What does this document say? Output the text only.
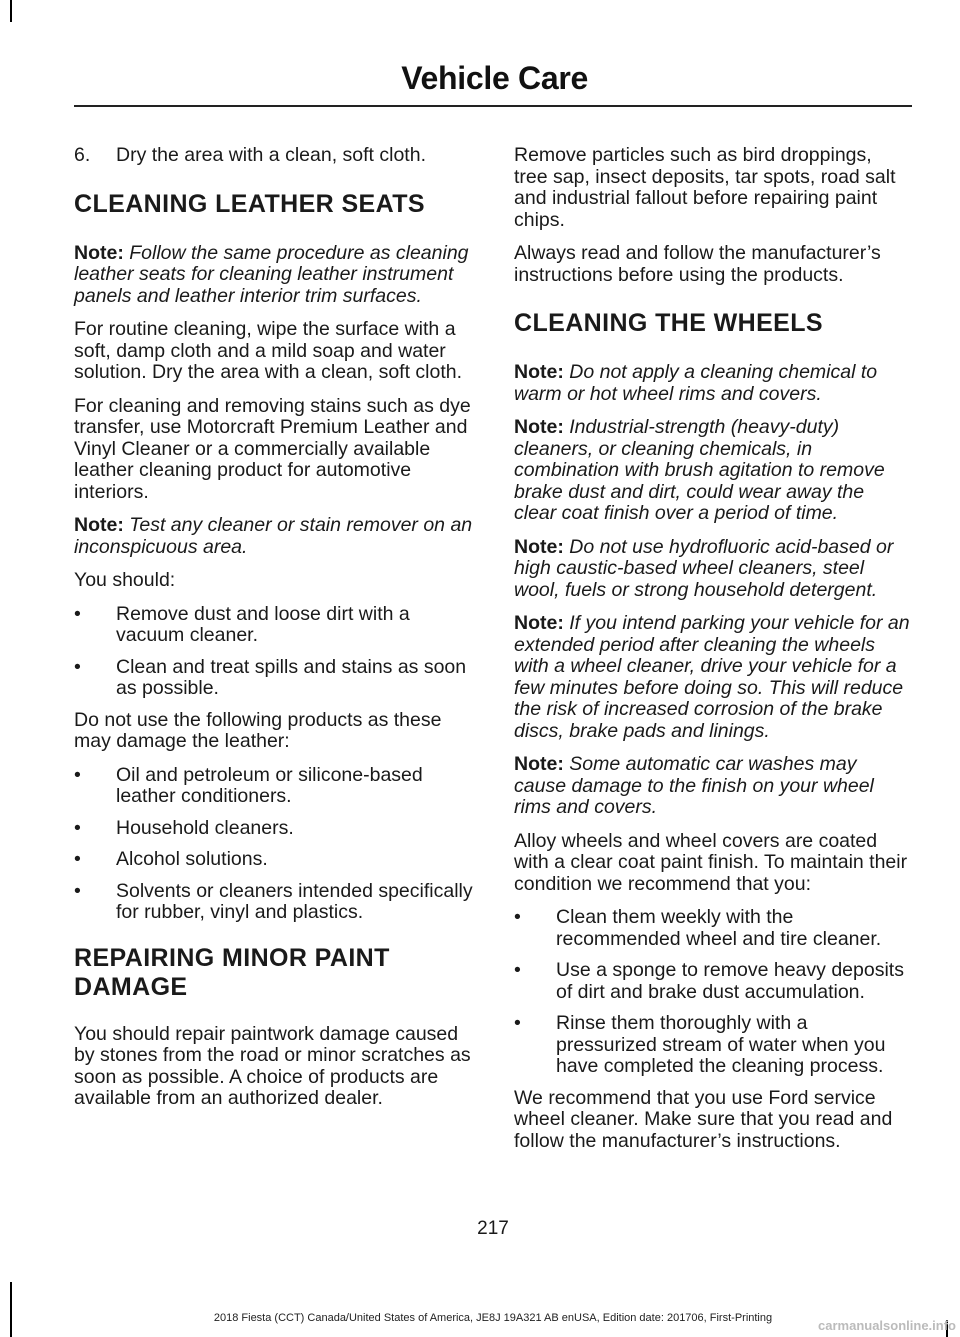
Vehicle Care
6. Dry the area with a clean, soft cloth.
CLEANING LEATHER SEATS

Note: Follow the same procedure as cleaning leather seats for cleaning leather instrument panels and leather interior trim surfaces.

For routine cleaning, wipe the surface with a soft, damp cloth and a mild soap and water solution. Dry the area with a clean, soft cloth.

For cleaning and removing stains such as dye transfer, use Motorcraft Premium Leather and Vinyl Cleaner or a commercially available leather cleaning product for automotive interiors.

Note: Test any cleaner or stain remover on an inconspicuous area.

You should:

• Remove dust and loose dirt with a vacuum cleaner.
• Clean and treat spills and stains as soon as possible.

Do not use the following products as these may damage the leather:

• Oil and petroleum or silicone-based leather conditioners.
• Household cleaners.
• Alcohol solutions.
• Solvents or cleaners intended specifically for rubber, vinyl and plastics.
REPAIRING MINOR PAINT
DAMAGE

You should repair paintwork damage caused by stones from the road or minor scratches as soon as possible. A choice of products are available from an authorized dealer.

Remove particles such as bird droppings, tree sap, insect deposits, tar spots, road salt and industrial fallout before repairing paint chips.

Always read and follow the manufacturer’s instructions before using the products.

CLEANING THE WHEELS

Note: Do not apply a cleaning chemical to warm or hot wheel rims and covers.

Note: Industrial-strength (heavy-duty) cleaners, or cleaning chemicals, in combination with brush agitation to remove brake dust and dirt, could wear away the clear coat finish over a period of time.

Note: Do not use hydrofluoric acid-based or high caustic-based wheel cleaners, steel wool, fuels or strong household detergent.

Note: If you intend parking your vehicle for an extended period after cleaning the wheels with a wheel cleaner, drive your vehicle for a few minutes before doing so. This will reduce the risk of increased corrosion of the brake discs, brake pads and linings.

Note: Some automatic car washes may cause damage to the finish on your wheel rims and covers.

Alloy wheels and wheel covers are coated with a clear coat paint finish. To maintain their condition we recommend that you:

• Clean them weekly with the recommended wheel and tire cleaner.
• Use a sponge to remove heavy deposits of dirt and brake dust accumulation.
• Rinse them thoroughly with a pressurized stream of water when you have completed the cleaning process.

We recommend that you use Ford service wheel cleaner. Make sure that you read and follow the manufacturer’s instructions.

217
2018 Fiesta (CCT) Canada/United States of America, JE8J 19A321 AB enUSA, Edition date: 201706, First-Printing	carmanualsonline.info
